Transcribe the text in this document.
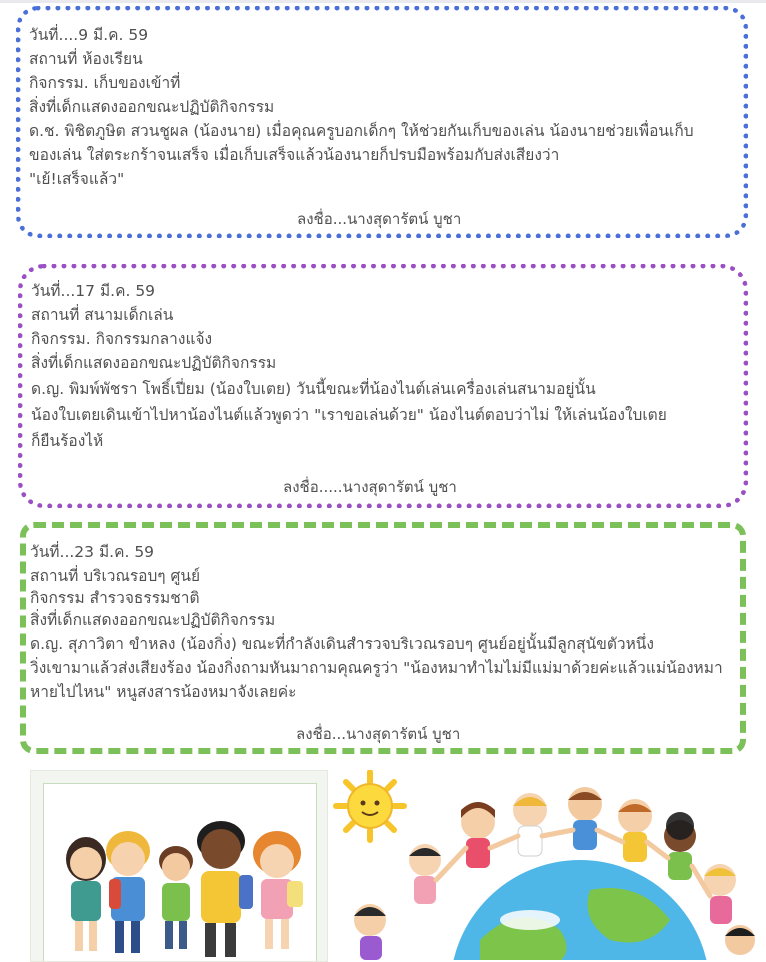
วันที่....9 มี.ค. 59
สถานที่ ห้องเรียน
กิจกรรม. เก็บของเข้าที่
สิ่งที่เด็กแสดงออกขณะปฏิบัติกิจกรรม
ด.ช. พิชิตภูษิต สวนชูผล (น้องนาย) เมื่อคุณครูบอกเด็กๆ ให้ช่วยกันเก็บของเล่น น้องนายช่วยเพื่อนเก็บ
ของเล่น ใส่ตระกร้าจนเสร็จ เมื่อเก็บเสร็จแล้วน้องนายก็ปรบมือพร้อมกับส่งเสียงว่า
"เย้!เสร็จแล้ว"
ลงชื่อ...นางสุดารัตน์ บูชา
วันที่...17 มี.ค. 59
สถานที่ สนามเด็กเล่น
กิจกรรม. กิจกรรมกลางแจ้ง
สิ่งที่เด็กแสดงออกขณะปฏิบัติกิจกรรม
ด.ญ. พิมพ์พัชรา โพธิ์เปี่ยม (น้องใบเตย) วันนี้ขณะที่น้องไนต์เล่นเครื่องเล่นสนามอยู่นั้น
น้องใบเตยเดินเข้าไปหาน้องไนต์แล้วพูดว่า "เราขอเล่นด้วย" น้องไนต์ตอบว่าไม่ ให้เล่นน้องใบเตย
ก็ยืนร้องไห้
ลงชื่อ.....นางสุดารัตน์ บูชา
วันที่...23 มี.ค. 59
สถานที่ บริเวณรอบๆ ศูนย์
กิจกรรม สำรวจธรรมชาติ
สิ่งที่เด็กแสดงออกขณะปฏิบัติกิจกรรม
ด.ญ. สุภาวิตา ขำหลง (น้องกิ่ง) ขณะที่กำลังเดินสำรวจบริเวณรอบๆ ศูนย์อยู่นั้นมีลูกสุนัขตัวหนึ่ง
วิ่งเขามาแล้วส่งเสียงร้อง น้องกิ่งถามหันมาถามคุณครูว่า "น้องหมาทำไมไม่มีแม่มาด้วยค่ะแล้วแม่น้องหมา
หายไปไหน" หนูสงสารน้องหมาจังเลยค่ะ
ลงชื่อ...นางสุดารัตน์ บูชา
